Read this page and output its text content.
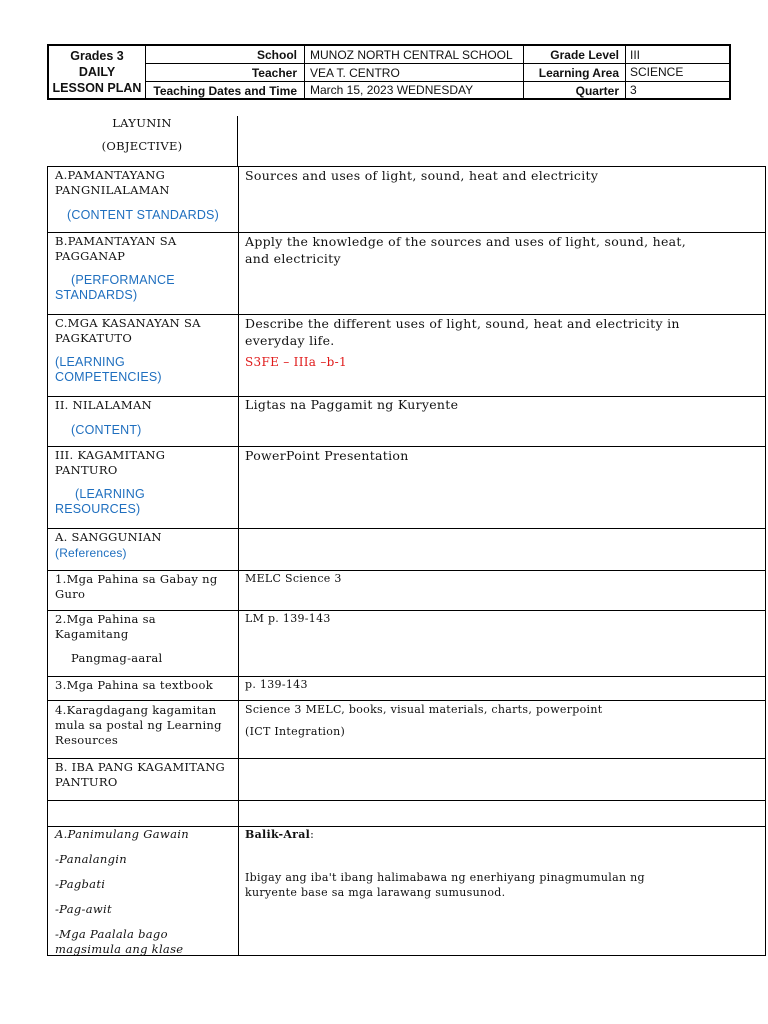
Grades 3
DAILY
LESSON PLAN
School MUNOZ NORTH CENTRAL SCHOOL
Teacher VEA T. CENTRO
Teaching Dates and Time March 15, 2023 WEDNESDAY
Grade Level III
Learning Area SCIENCE
Quarter 3
LAYUNIN
(OBJECTIVE)
A.PAMANTAYANG
PANGNILALAMAN
(CONTENT STANDARDS)
Sources and uses of light, sound, heat and electricity
B.PAMANTAYAN SA
PAGGANAP
(PERFORMANCE
STANDARDS)
Apply the knowledge of the sources and uses of light, sound, heat,
and electricity
C.MGA KASANAYAN SA
PAGKATUTO
(LEARNING
COMPETENCIES)
Describe the different uses of light, sound, heat and electricity in
everyday life.
S3FE – IIIa –b-1
II. NILALAMAN
(CONTENT)
Ligtas na Paggamit ng Kuryente
III. KAGAMITANG
PANTURO
(LEARNING
RESOURCES)
PowerPoint Presentation
A. SANGGUNIAN
(References)
1.Mga Pahina sa Gabay ng
Guro
MELC Science 3
2.Mga Pahina sa
Kagamitang
Pangmag-aaral
LM p. 139-143
3.Mga Pahina sa textbook	p. 139-143
4.Karagdagang kagamitan
mula sa postal ng Learning
Resources
Science 3 MELC, books, visual materials, charts, powerpoint
(ICT Integration)
B. IBA PANG KAGAMITANG
PANTURO
A.Panimulang Gawain
-Panalangin
-Pagbati
-Pag-awit
-Mga Paalala bago
magsimula ang klase
Balik-Aral:
Ibigay ang iba't ibang halimabawa ng enerhiyang pinagmumulan ng
kuryente base sa mga larawang sumusunod.
